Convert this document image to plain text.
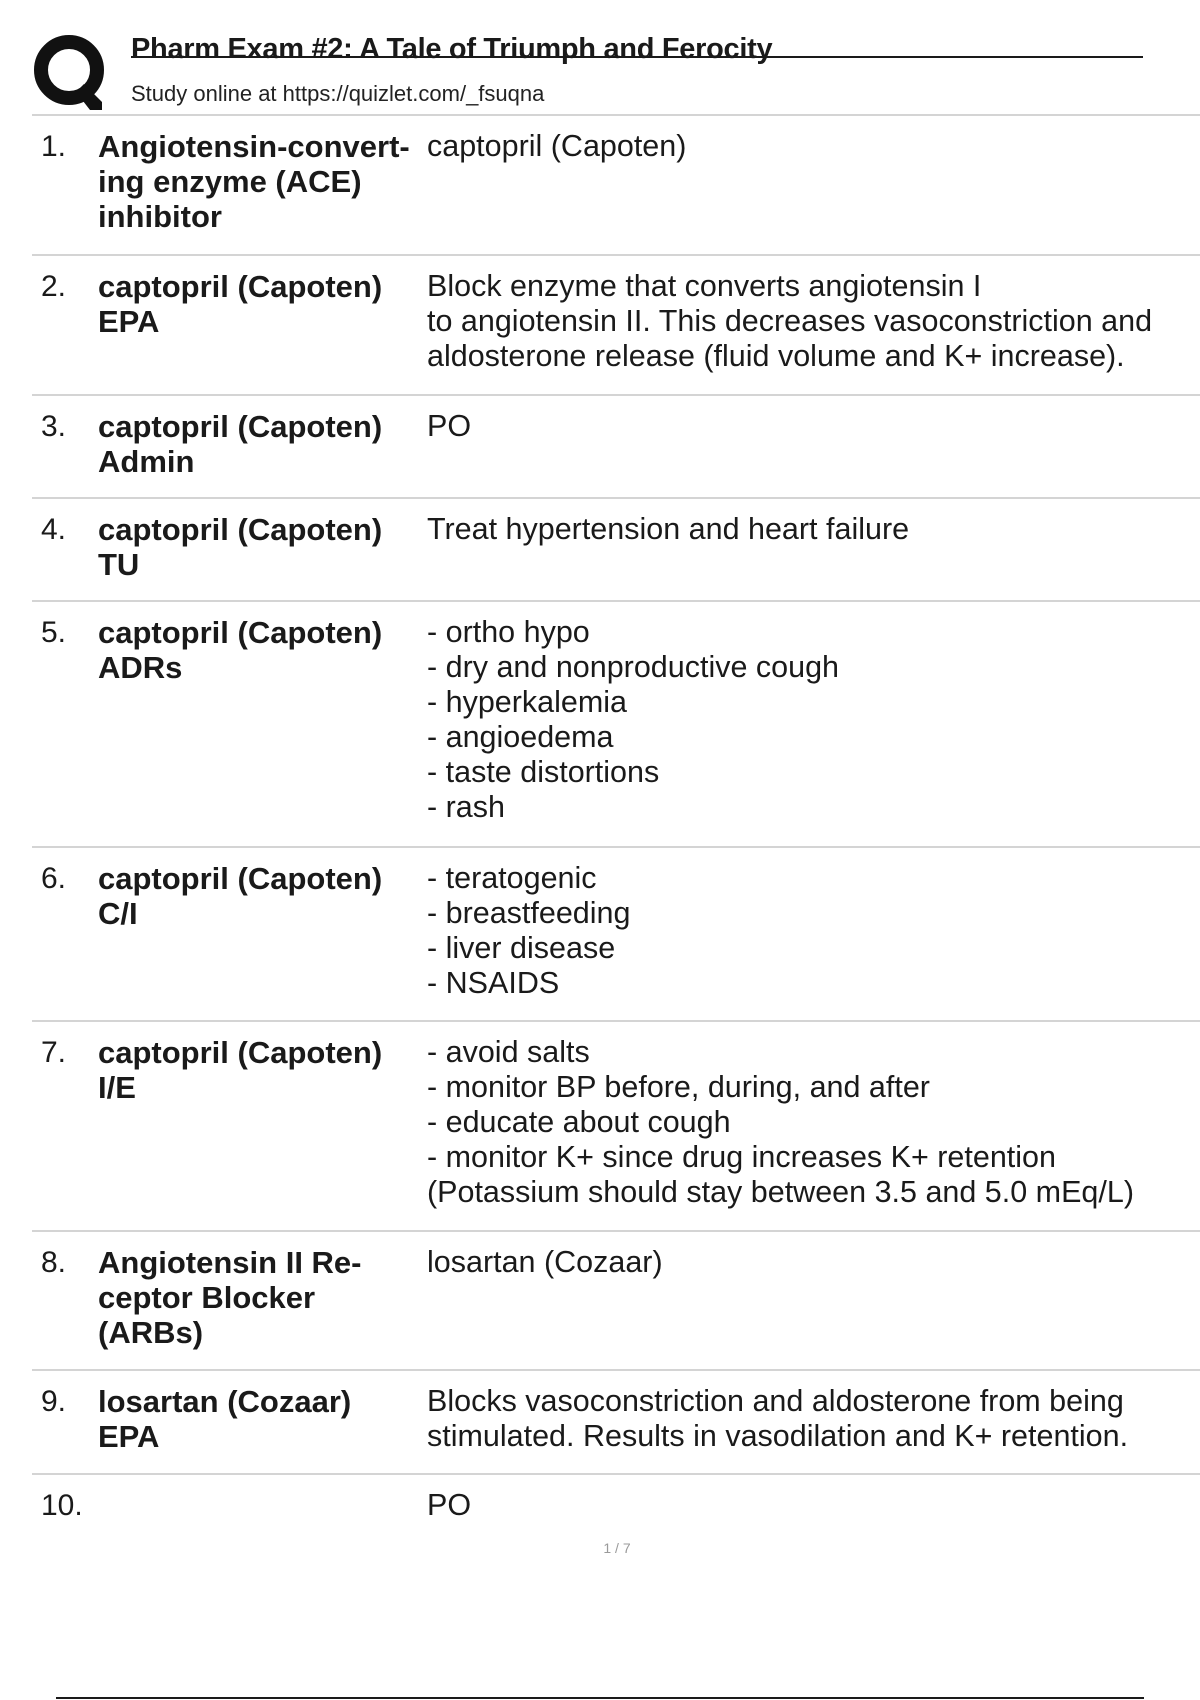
Pharm Exam #2: A Tale of Triumph and Ferocity
Study online at https://quizlet.com/_fsuqna
1. Angiotensin-convert-
ing enzyme (ACE)
inhibitor
captopril (Capoten)
2. captopril (Capoten)
EPA
Block enzyme that converts angiotensin I
to angiotensin II. This decreases vasoconstriction and
aldosterone release (fluid volume and K+ increase).
3. captopril (Capoten)
Admin
PO
4. captopril (Capoten)
TU
Treat hypertension and heart failure
5. captopril (Capoten)
ADRs
- ortho hypo
- dry and nonproductive cough
- hyperkalemia
- angioedema
- taste distortions
- rash
6. captopril (Capoten)
C/I
- teratogenic
- breastfeeding
- liver disease
- NSAIDS
7. captopril (Capoten)
I/E
- avoid salts
- monitor BP before, during, and after
- educate about cough
- monitor K+ since drug increases K+ retention
(Potassium should stay between 3.5 and 5.0 mEq/L)
8. Angiotensin II Re-
ceptor Blocker
(ARBs)
losartan (Cozaar)
9. losartan (Cozaar)
EPA
Blocks vasoconstriction and aldosterone from being
stimulated. Results in vasodilation and K+ retention.
10.	PO
1 / 7
